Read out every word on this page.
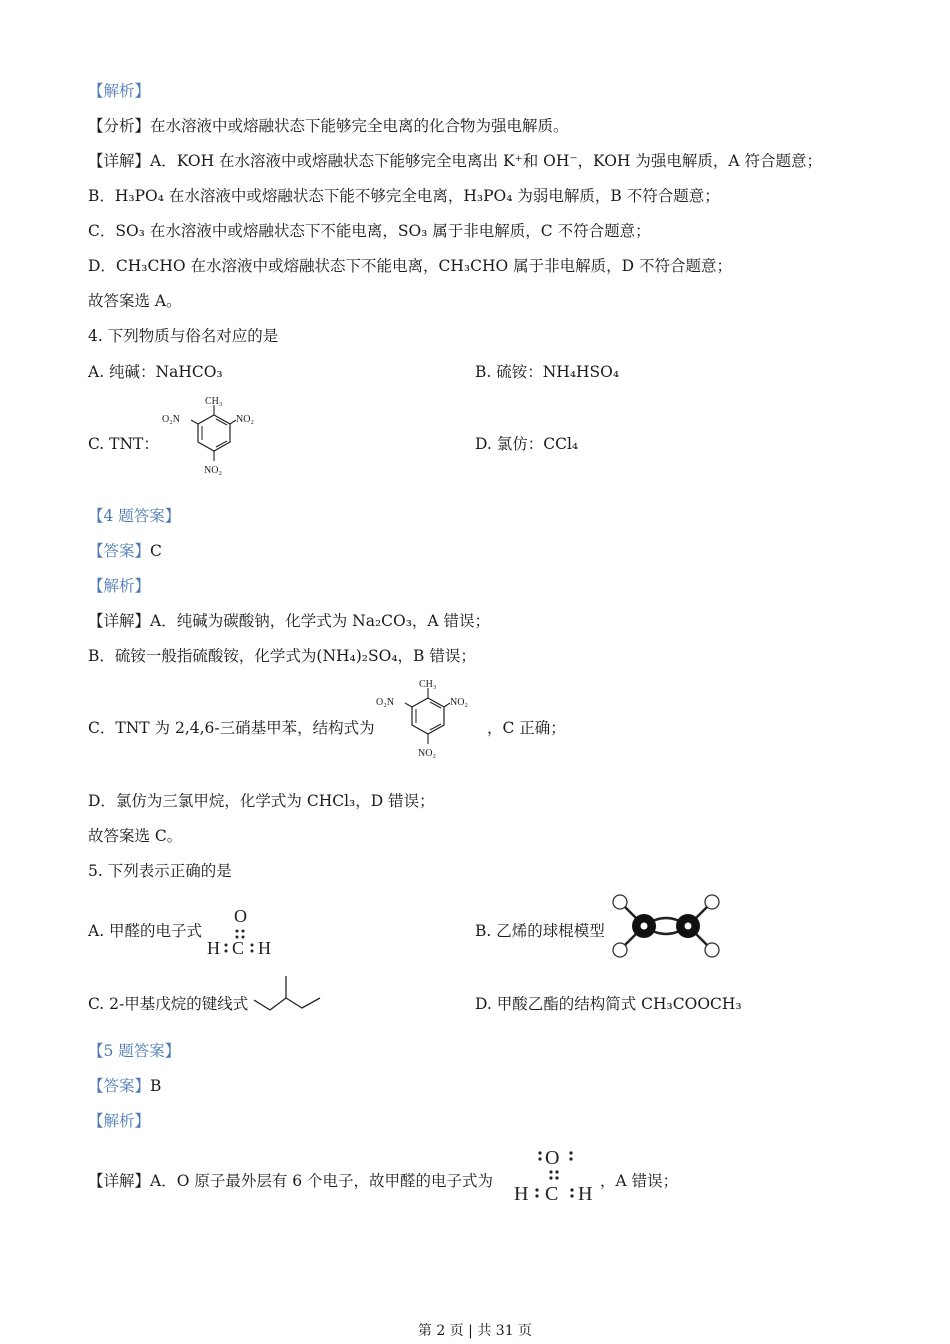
【解析】
【分析】在水溶液中或熔融状态下能够完全电离的化合物为强电解质。
【详解】A．KOH 在水溶液中或熔融状态下能够完全电离出 K⁺和 OH⁻，KOH 为强电解质，A 符合题意；
B．H₃PO₄ 在水溶液中或熔融状态下能不够完全电离，H₃PO₄ 为弱电解质，B 不符合题意；
C．SO₃ 在水溶液中或熔融状态下不能电离，SO₃ 属于非电解质，C 不符合题意；
D．CH₃CHO 在水溶液中或熔融状态下不能电离，CH₃CHO 属于非电解质，D 不符合题意；
故答案选 A。
4. 下列物质与俗名对应的是
A. 纯碱：NaHCO₃	B. 硫铵：NH₄HSO₄
C. TNT：	D. 氯仿：CCl₄
CH₃
NO₂
O₂N
NO₂
【4 题答案】
【答案】C
【解析】
【详解】A．纯碱为碳酸钠，化学式为 Na₂CO₃，A 错误；
B．硫铵一般指硫酸铵，化学式为(NH₄)₂SO₄，B 错误；
C．TNT 为 2,4,6-三硝基甲苯，结构式为
CH₃
NO₂
O₂N
NO₂
，C 正确；
D．氯仿为三氯甲烷，化学式为 CHCl₃，D 错误；
故答案选 C。
5. 下列表示正确的是
A. 甲醛的电子式
O
H C H
B. 乙烯的球棍模型
C. 2-甲基戊烷的键线式	D. 甲酸乙酯的结构简式 CH₃COOCH₃
【5 题答案】
【答案】B
【解析】
【详解】A．O 原子最外层有 6 个电子，故甲醛的电子式为
O
H C H
，A 错误；
第 2 页 | 共 31 页
